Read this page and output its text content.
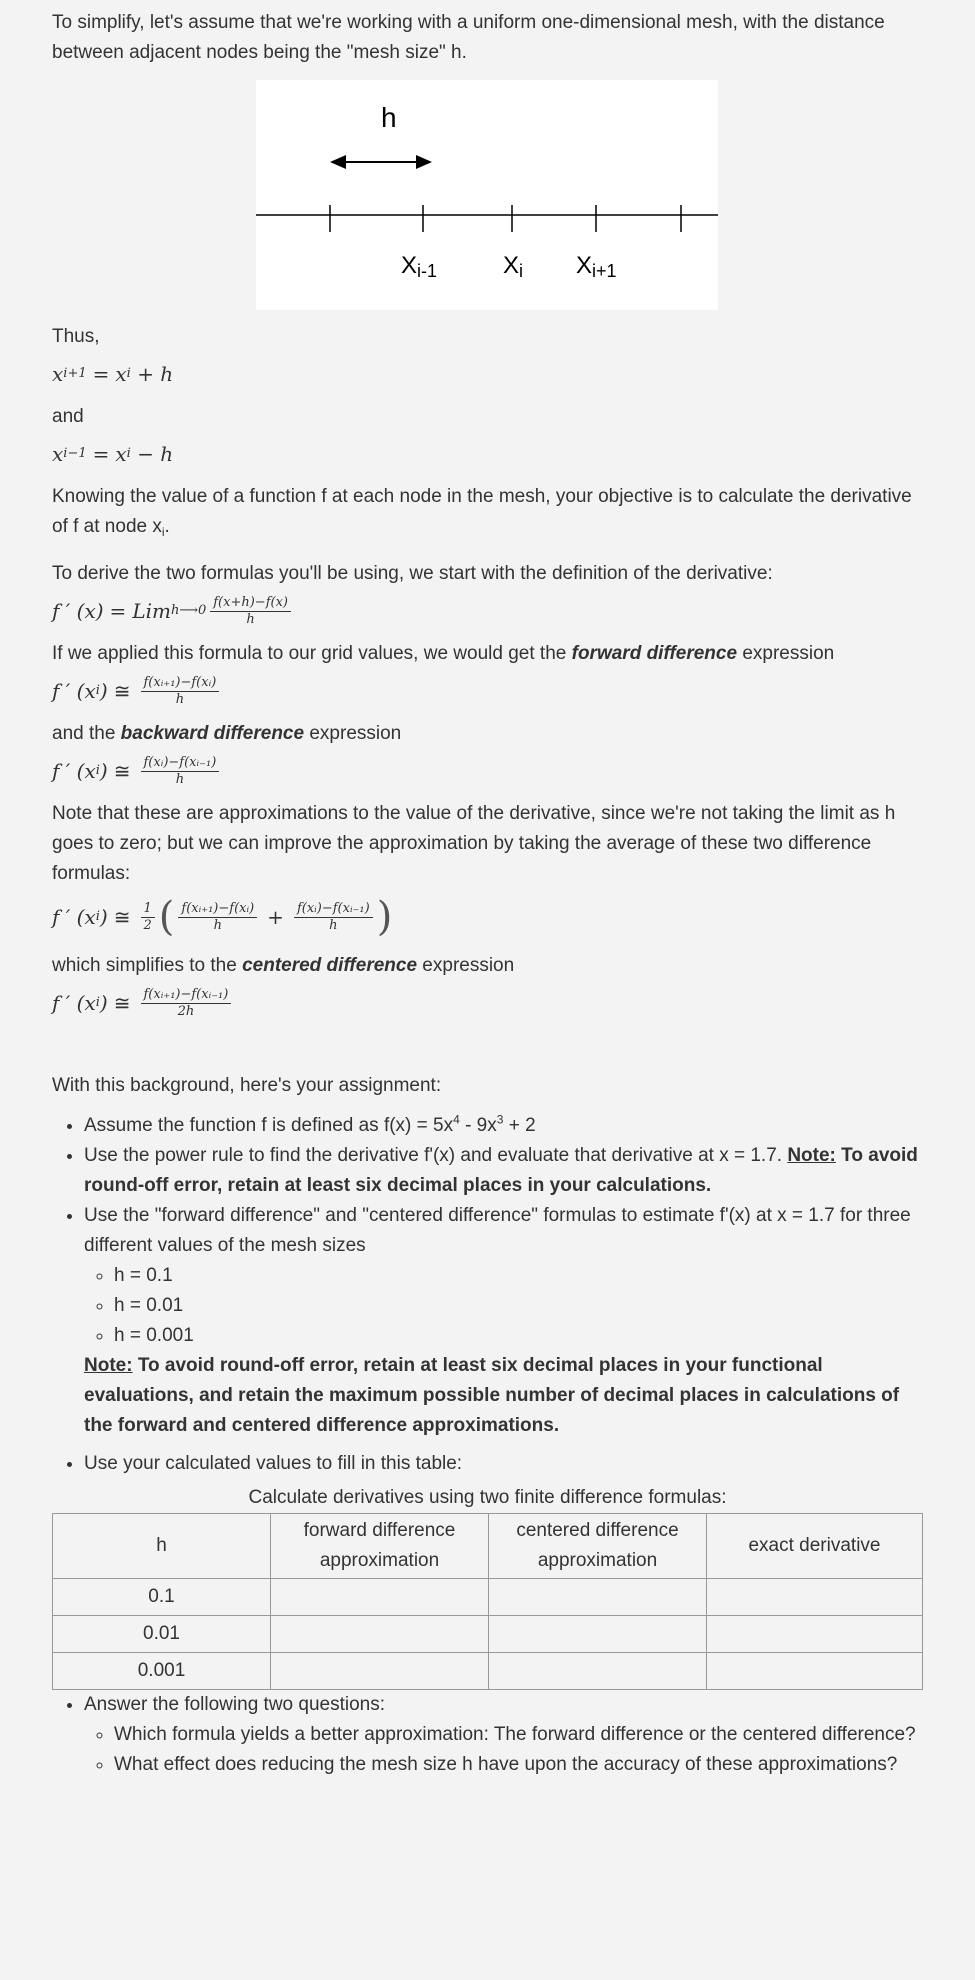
To simplify, let's assume that we're working with a uniform one-dimensional mesh, with the distance between adjacent nodes being the "mesh size" h.

h
Xi-1	Xi Xi+1

Thus,

x i+1 = x i
+ h

and

x i−1 = x i
− h

Knowing the value of a function f at each node in the mesh, your objective is to calculate the derivative of f at node $x_i$.

To derive the two formulas you'll be using, we start with the definition of the derivative:

f ′ (x) = Lim h⟶0 $\frac{f(x+h)-f(x)}{h}$

If we applied this formula to our grid values, we would get the forward difference expression

f ′ (x i ) ≅ $\frac{\text{f(xᵢ₊₁)−f(xᵢ)}}{h}$

and the backward difference expression

f ′ (x i ) ≅ $\frac{\text{f(xᵢ)−f(xᵢ₋₁)}}{h}$

Note that these are approximations to the value of the derivative, since we're not taking the limit as h goes to zero; but we can improve the approximation by taking the average of these two difference formulas:

f ′ (x i ) ≅ $\frac{1}{2}$ ( $\frac{\text{f(xᵢ₊₁)−f(xᵢ)}}{h} + \frac{\text{f(xᵢ)−f(xᵢ₋₁)}}{h}$ )

which simplifies to the centered difference expression

f ′ (x i ) ≅ $\frac{\text{f(xᵢ₊₁)−f(xᵢ₋₁)}}{2h}$

With this background, here's your assignment:

• Assume the function f is defined as $f(x) = 5x^4 - 9x^3 + 2$
• Use the power rule to find the derivative f'(x) and evaluate that derivative at x = 1.7. Note: To avoid round-off error, retain at least six decimal places in your calculations.
• Use the "forward difference" and "centered difference" formulas to estimate f'(x) at x = 1.7 for three different values of the mesh sizes
◦ h = 0.1
◦ h = 0.01
◦ h = 0.001

Note: To avoid round-off error, retain at least six decimal places in your functional evaluations, and retain the maximum possible number of decimal places in calculations of the forward and centered difference approximations.

• Use your calculated values to fill in this table:
Calculate derivatives using two finite difference formulas:
h	forward difference approximation	centered difference approximation	exact derivative
0.1			
0.01			
0.001			
• Answer the following two questions:
◦ Which formula yields a better approximation: The forward difference or the centered difference?
◦ What effect does reducing the mesh size h have upon the accuracy of these approximations?
